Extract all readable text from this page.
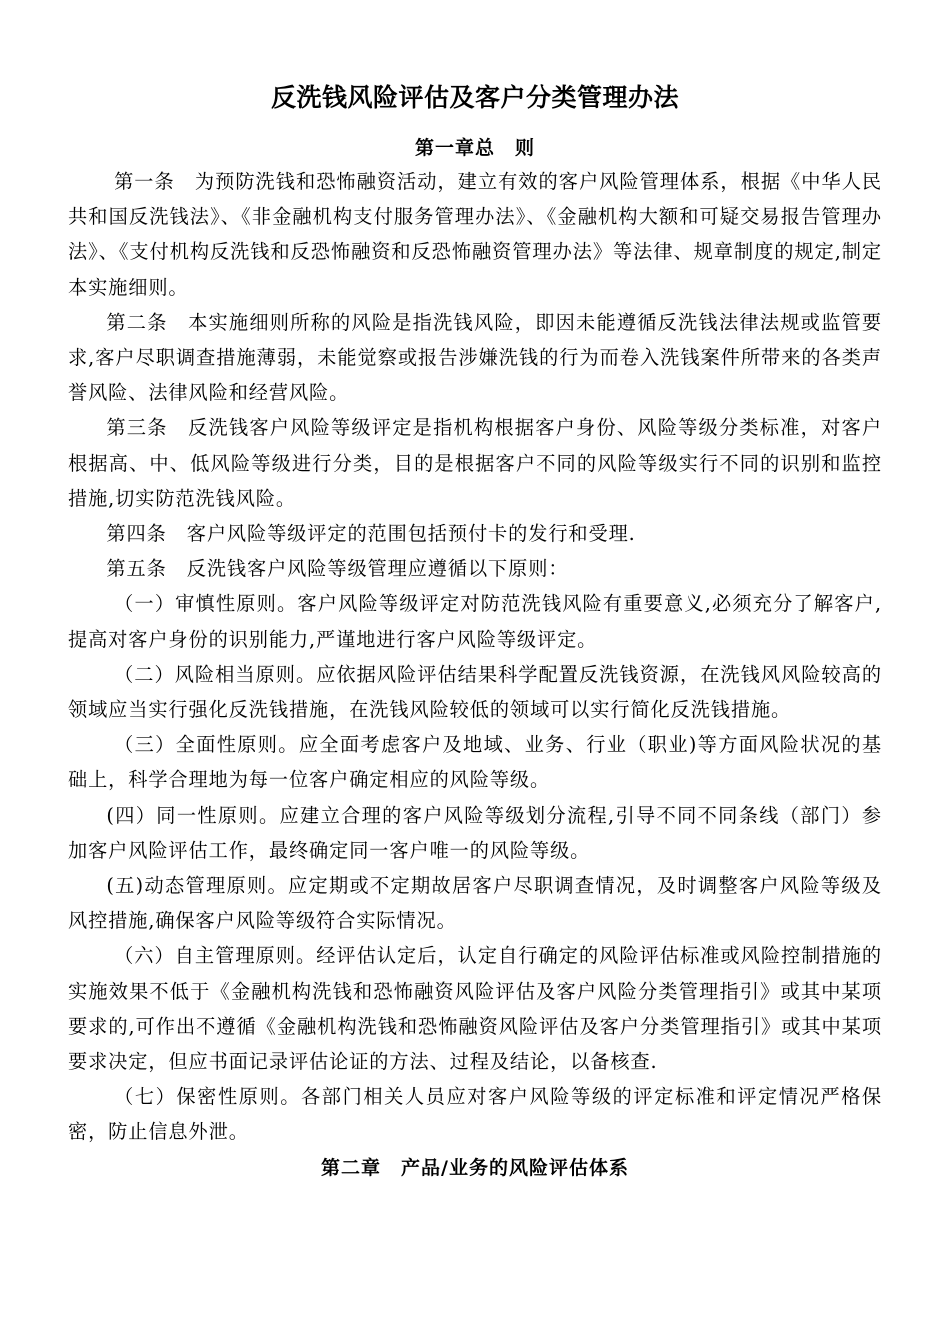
反洗钱风险评估及客户分类管理办法
第一章总　则

第一条　为预防洗钱和恐怖融资活动，建立有效的客户风险管理体系，根据《中华人民共和国反洗钱法》、《非金融机构支付服务管理办法》、《金融机构大额和可疑交易报告管理办法》、《支付机构反洗钱和反恐怖融资和反恐怖融资管理办法》等法律、规章制度的规定,制定本实施细则。

第二条　本实施细则所称的风险是指洗钱风险，即因未能遵循反洗钱法律法规或监管要求,客户尽职调查措施薄弱，未能觉察或报告涉嫌洗钱的行为而卷入洗钱案件所带来的各类声誉风险、法律风险和经营风险。

第三条　反洗钱客户风险等级评定是指机构根据客户身份、风险等级分类标准，对客户根据高、中、低风险等级进行分类，目的是根据客户不同的风险等级实行不同的识别和监控措施,切实防范洗钱风险。

第四条　客户风险等级评定的范围包括预付卡的发行和受理.

第五条　反洗钱客户风险等级管理应遵循以下原则：

（一）审慎性原则。客户风险等级评定对防范洗钱风险有重要意义,必须充分了解客户,提高对客户身份的识别能力,严谨地进行客户风险等级评定。

（二）风险相当原则。应依据风险评估结果科学配置反洗钱资源，在洗钱风风险较高的领域应当实行强化反洗钱措施，在洗钱风险较低的领域可以实行简化反洗钱措施。

（三）全面性原则。应全面考虑客户及地域、业务、行业（职业)等方面风险状况的基础上，科学合理地为每一位客户确定相应的风险等级。

(四）同一性原则。应建立合理的客户风险等级划分流程,引导不同不同条线（部门）参加客户风险评估工作，最终确定同一客户唯一的风险等级。

(五)动态管理原则。应定期或不定期故居客户尽职调查情况，及时调整客户风险等级及风控措施,确保客户风险等级符合实际情况。

（六）自主管理原则。经评估认定后，认定自行确定的风险评估标准或风险控制措施的实施效果不低于《金融机构洗钱和恐怖融资风险评估及客户风险分类管理指引》或其中某项要求的,可作出不遵循《金融机构洗钱和恐怖融资风险评估及客户分类管理指引》或其中某项要求决定，但应书面记录评估论证的方法、过程及结论，以备核查.

（七）保密性原则。各部门相关人员应对客户风险等级的评定标准和评定情况严格保密，防止信息外泄。

第二章　产品/业务的风险评估体系
